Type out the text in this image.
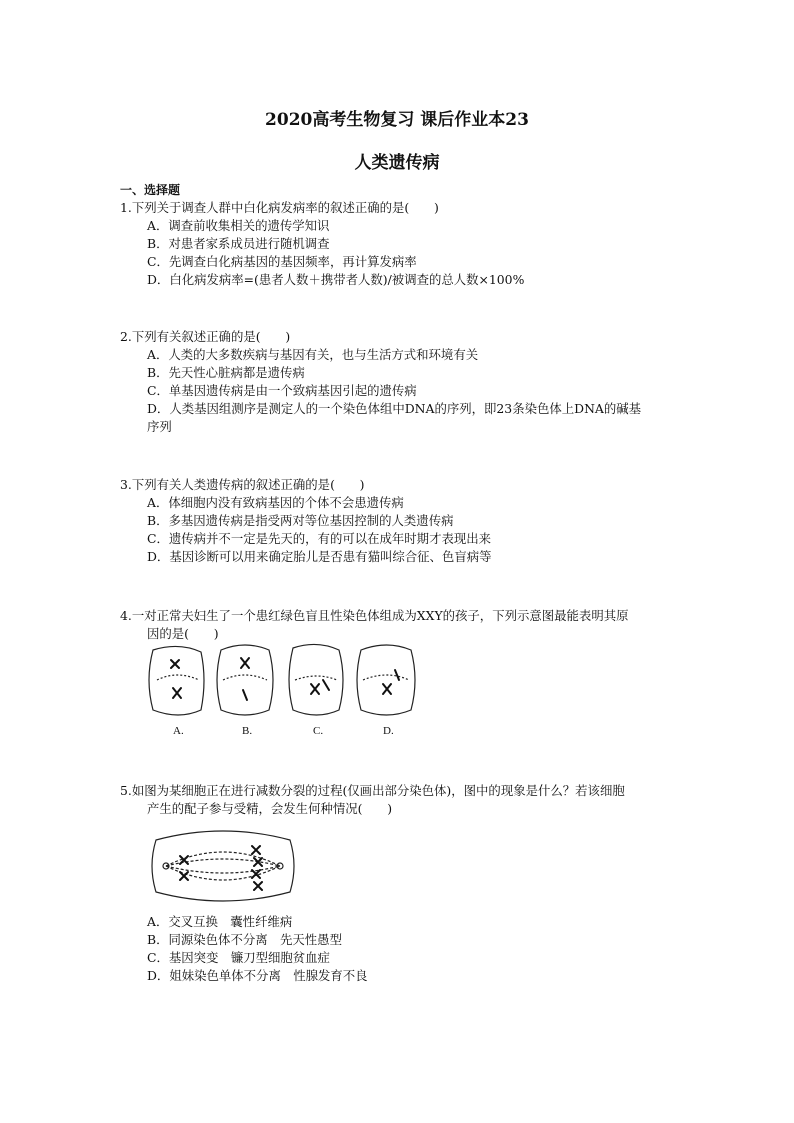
2020高考生物复习 课后作业本23
人类遗传病
一、选择题
1.下列关于调查人群中白化病发病率的叙述正确的是(　　)
A．调查前收集相关的遗传学知识
B．对患者家系成员进行随机调查
C．先调查白化病基因的基因频率，再计算发病率
D．白化病发病率=(患者人数＋携带者人数)/被调查的总人数×100%
2.下列有关叙述正确的是(　　)
A．人类的大多数疾病与基因有关，也与生活方式和环境有关
B．先天性心脏病都是遗传病
C．单基因遗传病是由一个致病基因引起的遗传病
D．人类基因组测序是测定人的一个染色体组中DNA的序列，即23条染色体上DNA的碱基
序列
3.下列有关人类遗传病的叙述正确的是(　　)
A．体细胞内没有致病基因的个体不会患遗传病
B．多基因遗传病是指受两对等位基因控制的人类遗传病
C．遗传病并不一定是先天的，有的可以在成年时期才表现出来
D．基因诊断可以用来确定胎儿是否患有猫叫综合征、色盲病等
4.一对正常夫妇生了一个患红绿色盲且性染色体组成为XXY的孩子，下列示意图最能表明其原
因的是(　　)
A.	B.	C.	D.
5.如图为某细胞正在进行减数分裂的过程(仅画出部分染色体)，图中的现象是什么？若该细胞
产生的配子参与受精，会发生何种情况(　　)
A．交叉互换　囊性纤维病
B．同源染色体不分离　先天性愚型
C．基因突变　镰刀型细胞贫血症
D．姐妹染色单体不分离　性腺发育不良
